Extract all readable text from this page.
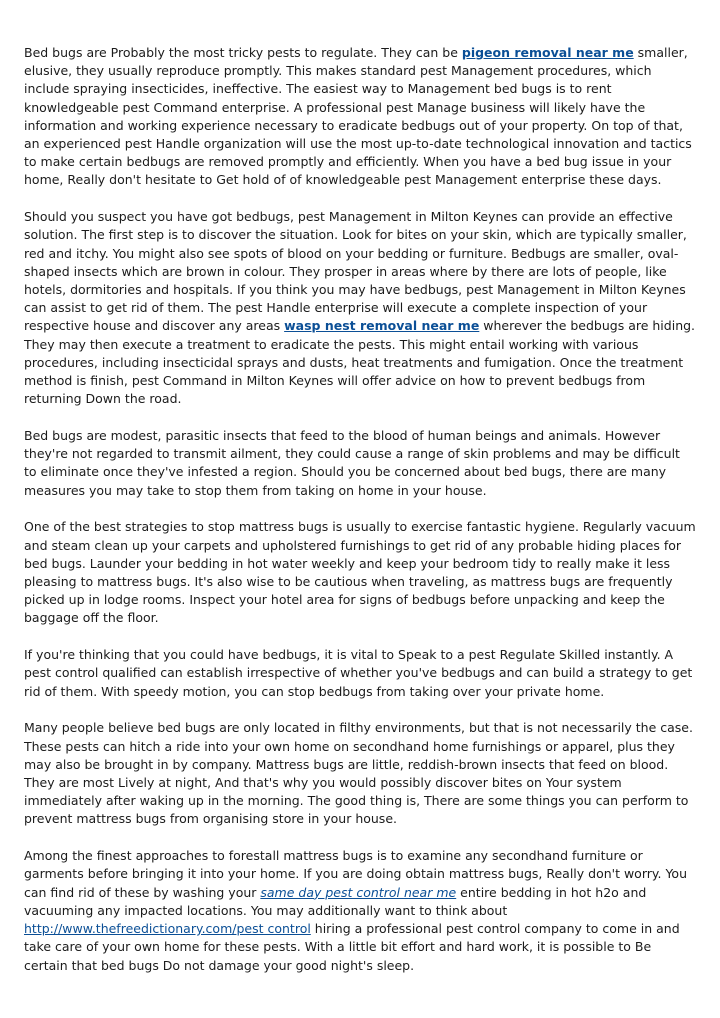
Bed bugs are Probably the most tricky pests to regulate. They can be pigeon removal near me smaller, elusive, they usually reproduce promptly. This makes standard pest Management procedures, which include spraying insecticides, ineffective. The easiest way to Management bed bugs is to rent knowledgeable pest Command enterprise. A professional pest Manage business will likely have the information and working experience necessary to eradicate bedbugs out of your property. On top of that, an experienced pest Handle organization will use the most up-to-date technological innovation and tactics to make certain bedbugs are removed promptly and efficiently. When you have a bed bug issue in your home, Really don't hesitate to Get hold of of knowledgeable pest Management enterprise these days.

Should you suspect you have got bedbugs, pest Management in Milton Keynes can provide an effective solution. The first step is to discover the situation. Look for bites on your skin, which are typically smaller, red and itchy. You might also see spots of blood on your bedding or furniture. Bedbugs are smaller, oval-shaped insects which are brown in colour. They prosper in areas where by there are lots of people, like hotels, dormitories and hospitals. If you think you may have bedbugs, pest Management in Milton Keynes can assist to get rid of them. The pest Handle enterprise will execute a complete inspection of your respective house and discover any areas wasp nest removal near me wherever the bedbugs are hiding. They may then execute a treatment to eradicate the pests. This might entail working with various procedures, including insecticidal sprays and dusts, heat treatments and fumigation. Once the treatment method is finish, pest Command in Milton Keynes will offer advice on how to prevent bedbugs from returning Down the road.

Bed bugs are modest, parasitic insects that feed to the blood of human beings and animals. However they're not regarded to transmit ailment, they could cause a range of skin problems and may be difficult to eliminate once they've infested a region. Should you be concerned about bed bugs, there are many measures you may take to stop them from taking on home in your house.

One of the best strategies to stop mattress bugs is usually to exercise fantastic hygiene. Regularly vacuum and steam clean up your carpets and upholstered furnishings to get rid of any probable hiding places for bed bugs. Launder your bedding in hot water weekly and keep your bedroom tidy to really make it less pleasing to mattress bugs. It's also wise to be cautious when traveling, as mattress bugs are frequently picked up in lodge rooms. Inspect your hotel area for signs of bedbugs before unpacking and keep the baggage off the floor.

If you're thinking that you could have bedbugs, it is vital to Speak to a pest Regulate Skilled instantly. A pest control qualified can establish irrespective of whether you've bedbugs and can build a strategy to get rid of them. With speedy motion, you can stop bedbugs from taking over your private home.

Many people believe bed bugs are only located in filthy environments, but that is not necessarily the case. These pests can hitch a ride into your own home on secondhand home furnishings or apparel, plus they may also be brought in by company. Mattress bugs are little, reddish-brown insects that feed on blood. They are most Lively at night, And that's why you would possibly discover bites on Your system immediately after waking up in the morning. The good thing is, There are some things you can perform to prevent mattress bugs from organising store in your house.

Among the finest approaches to forestall mattress bugs is to examine any secondhand furniture or garments before bringing it into your home. If you are doing obtain mattress bugs, Really don't worry. You can find rid of these by washing your same day pest control near me entire bedding in hot h2o and vacuuming any impacted locations. You may additionally want to think about http://www.thefreedictionary.com/pest control hiring a professional pest control company to come in and take care of your own home for these pests. With a little bit effort and hard work, it is possible to Be certain that bed bugs Do not damage your good night's sleep.
